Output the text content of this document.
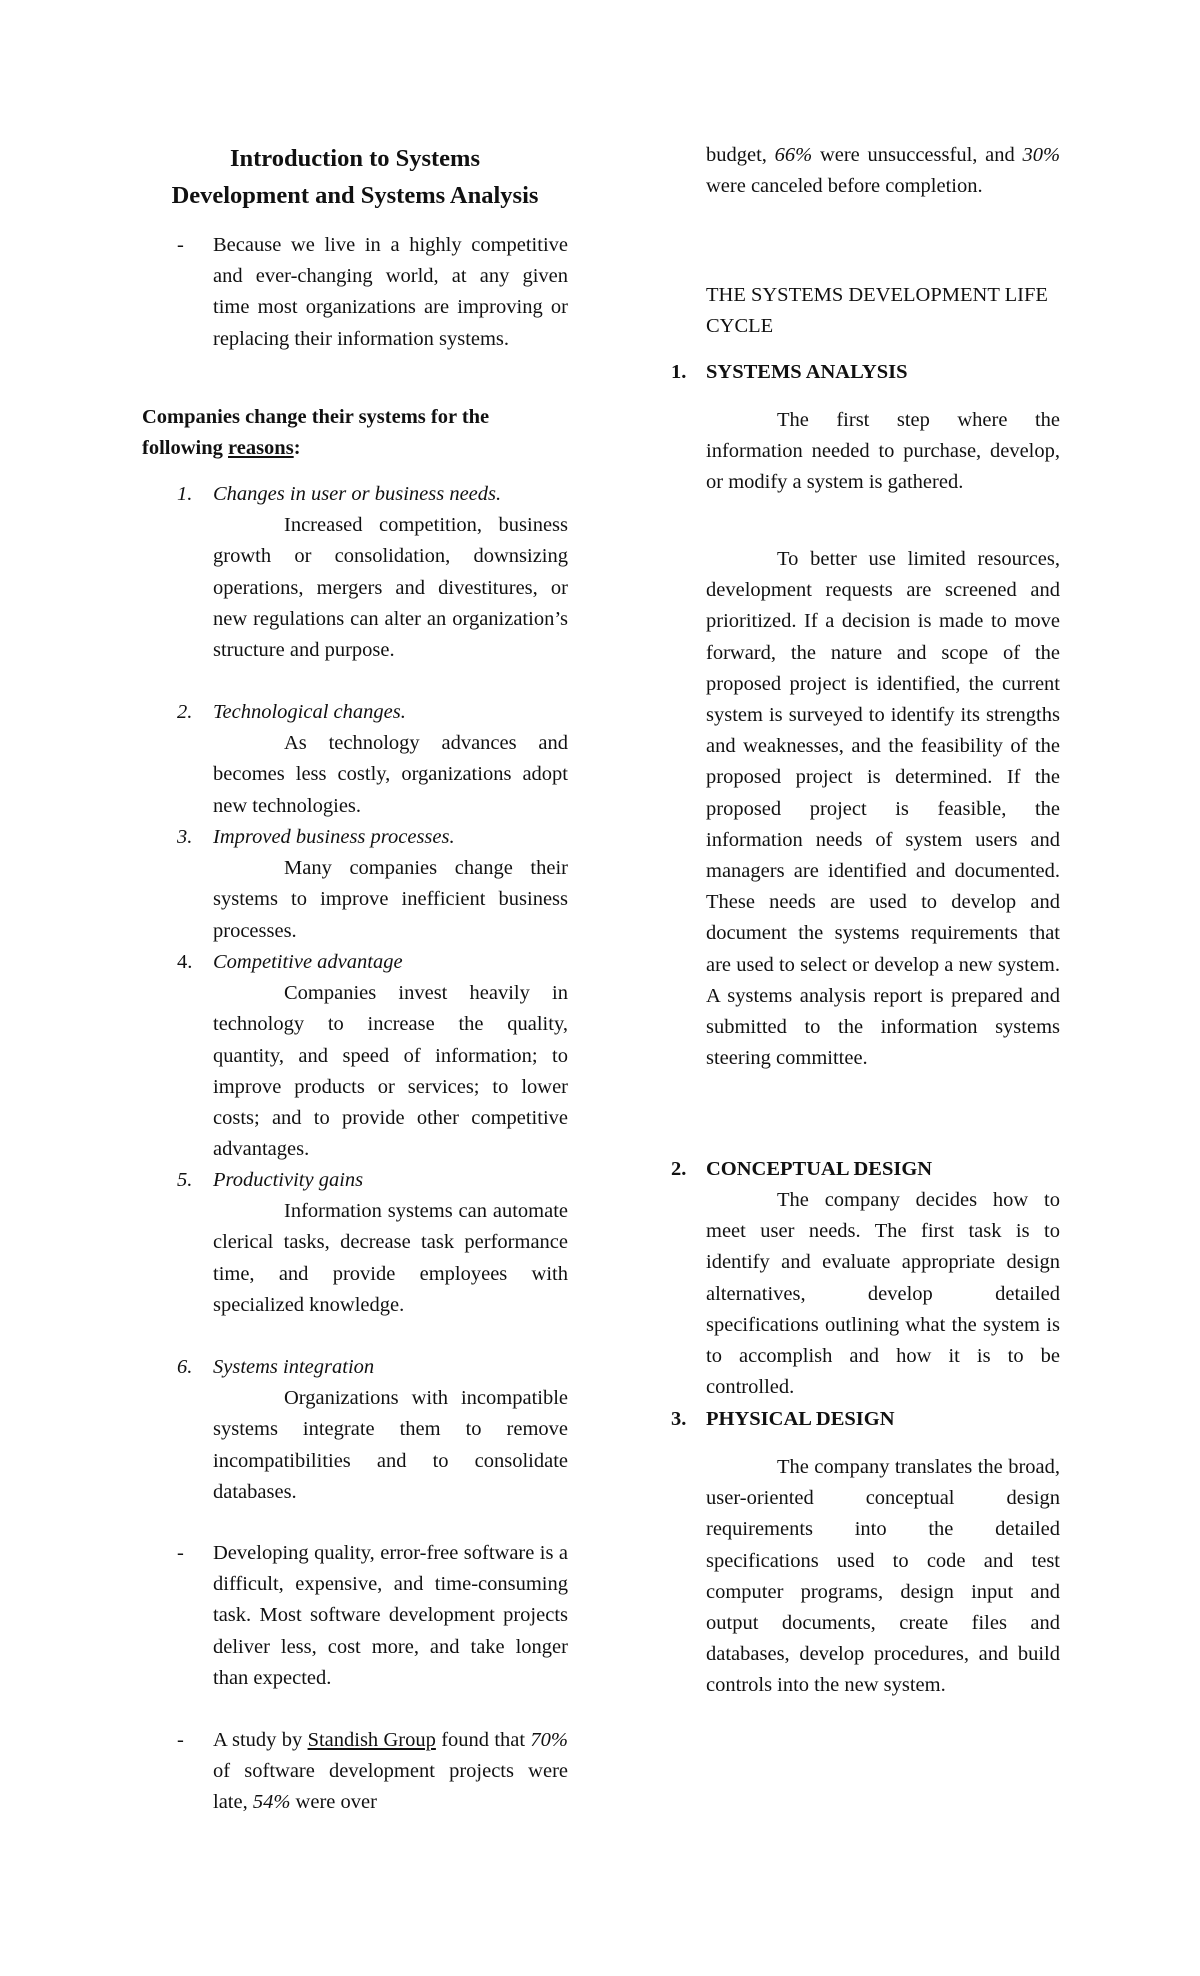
Introduction to Systems
Development and Systems Analysis
- Because we live in a highly competitive and ever-changing world, at any given time most organizations are improving or replacing their information systems.
Companies change their systems for the following reasons:
1. Changes in user or business needs.
Increased competition, business growth or consolidation, downsizing operations, mergers and divestitures, or new regulations can alter an organization’s structure and purpose.
2. Technological changes.
As technology advances and becomes less costly, organizations adopt new technologies.
3. Improved business processes.
Many companies change their systems to improve inefficient business processes.
4. Competitive advantage
Companies invest heavily in technology to increase the quality, quantity, and speed of information; to improve products or services; to lower costs; and to provide other competitive advantages.
5. Productivity gains
Information systems can automate clerical tasks, decrease task performance time, and provide employees with specialized knowledge.
6. Systems integration
Organizations with incompatible systems integrate them to remove incompatibilities and to consolidate databases.
- Developing quality, error-free software is a difficult, expensive, and time-consuming task. Most software development projects deliver less, cost more, and take longer than expected.
- A study by Standish Group found that 70% of software development projects were late, 54% were over
budget, 66% were unsuccessful, and 30% were canceled before completion.
THE SYSTEMS DEVELOPMENT LIFE CYCLE
1. SYSTEMS ANALYSIS
The first step where the information needed to purchase, develop, or modify a system is gathered.
To better use limited resources, development requests are screened and prioritized. If a decision is made to move forward, the nature and scope of the proposed project is identified, the current system is surveyed to identify its strengths and weaknesses, and the feasibility of the proposed project is determined. If the proposed project is feasible, the information needs of system users and managers are identified and documented. These needs are used to develop and document the systems requirements that are used to select or develop a new system. A systems analysis report is prepared and submitted to the information systems steering committee.
2. CONCEPTUAL DESIGN
The company decides how to meet user needs. The first task is to identify and evaluate appropriate design alternatives, develop detailed specifications outlining what the system is to accomplish and how it is to be controlled.
3. PHYSICAL DESIGN
The company translates the broad, user-oriented conceptual design requirements into the detailed specifications used to code and test computer programs, design input and output documents, create files and databases, develop procedures, and build controls into the new system.
